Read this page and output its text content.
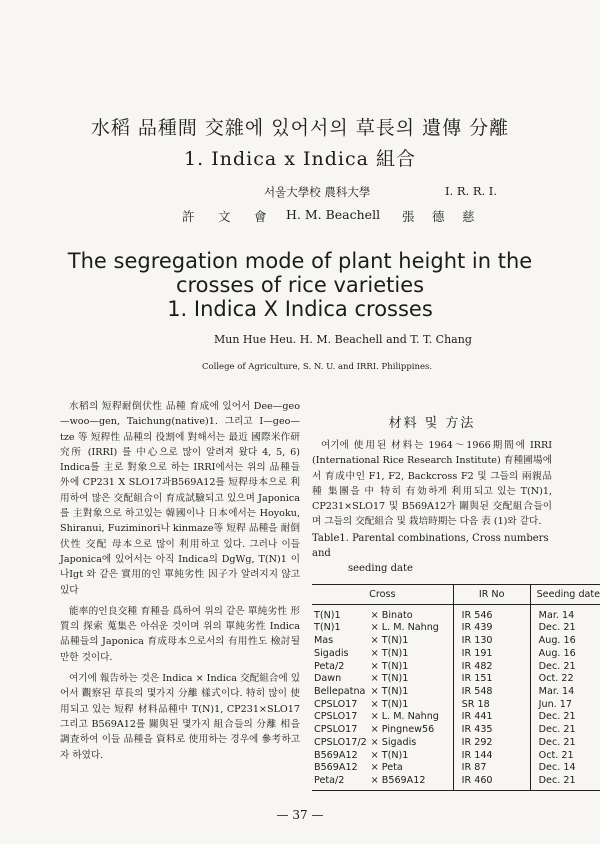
水稻 品種間 交雜에 있어서의 草長의 遺傳 分離
1. Indica x Indica 組合
서울大學校 農科大學	I. R. R. I.
許 文 會 H. M. Beachell 張 德 慈
The segregation mode of plant height in the
crosses of rice varieties
1. Indica X Indica crosses
Mun Hue Heu. H. M. Beachell and T. T. Chang
College of Agriculture, S. N. U. and IRRI. Philippines.

水稻의 短稈耐倒伏性 品種 育成에 있어서 Dee—geo—woo—gen, Taichung(native)1. 그리고 I—geo—tze 等 短稈性 品種의 役割에 對해서는 最近 國際米作研究所 (IRRI) 를 中心으로 많이 알려져 왔다 4, 5, 6) Indica를 主로 對象으로 하는 IRRI에서는 위의 品種들 外에 CP231 X SLO17과B569A12를 短稈母本으로 利用하여 많은 交配組合이 育成試驗되고 있으며 Japonica를 主對象으로 하고있는 韓國이나 日本에서는 Hoyoku, Shiranui, Fuziminori나 kinmaze等 短稈 品種을 耐倒伏性 交配 母本으로 많이 利用하고 있다. 그러나 이들 Japonica에 있어서는 아직 Indica의 DgWg, T(N)1 이나Igt 와 같은 實用的인 單純劣性 因子가 알려지지 않고있다

能率的인良交種 育種을 爲하여 위의 같은 單純劣性 形質의 探索 蒐集은 아쉬운 것이며 위의 單純劣性 Indica品種들의 Japonica 育成母本으로서의 有用性도 檢討될만한 것이다.

여기에 報告하는 것은 Indica × Indica 交配組合에 있어서 觀察된 草長의 몇가지 分離 樣式이다. 特히 많이 使用되고 있는 短稈 材料品種中 T(N)1, CP231×SLO17 그리고 B569A12를 關與된 몇가지 組合들의 分離 相을 調査하여 이들 品種을 資料로 使用하는 경우에 參考하고자 하였다.

材料 및 方法

여기에 使用된 材料는 1964～1966期間에 IRRI (International Rice Research Institute) 育種圃場에서 育成中인 F1, F2, Backcross F2 및 그들의 兩親品種 集團을 中 特히 有効하게 利用되고 있는 T(N)1, CP231×SLO17 및 B569A12가 關與된 交配組合들이며 그들의 交配組合 및 栽培時期는 다음 表 (1)와 같다.

Table1. Parental combinations, Cross numbers and
seeding date
Cross		IR No	Seeding date
T(N)1	× Binato	IR 546	Mar. 14
T(N)1	× L. M. Nahng	IR 439	Dec. 21
Mas	× T(N)1	IR 130	Aug. 16
Sigadis	× T(N)1	IR 191	Aug. 16
Peta/2	× T(N)1	IR 482	Dec. 21
Dawn	× T(N)1	IR 151	Oct. 22
Bellepatna	× T(N)1	IR 548	Mar. 14
CPSLO17	× T(N)1	SR 18	Jun. 17
CPSLO17	× L. M. Nahng	IR 441	Dec. 21
CPSLO17	× Pingnew56	IR 435	Dec. 21
CPSLO17/2	× Sigadis	IR 292	Dec. 21
B569A12	× T(N)1	IR 144	Oct. 21
B569A12	× Peta	IR 87	Dec. 14
Peta/2	× B569A12	IR 460	Dec. 21
— 37 —
